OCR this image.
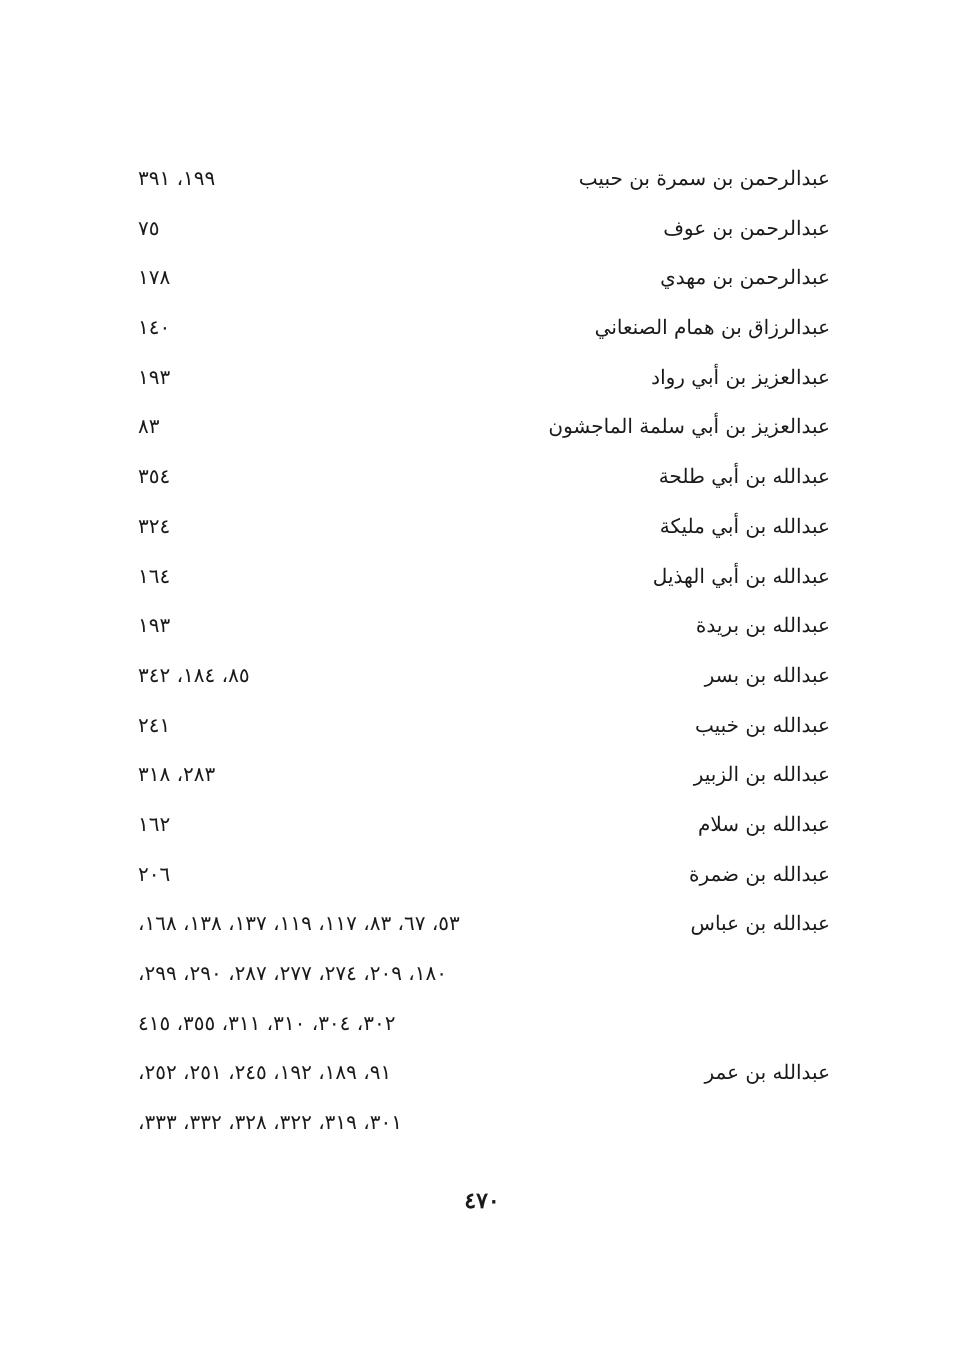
عبدالرحمن بن سمرة بن حبيب
١٩٩، ٣٩١
عبدالرحمن بن عوف
٧٥
عبدالرحمن بن مهدي
١٧٨
عبدالرزاق بن همام الصنعاني
١٤٠
عبدالعزيز بن أبي رواد
١٩٣
عبدالعزيز بن أبي سلمة الماجشون
٨٣
عبدالله بن أبي طلحة
٣٥٤
عبدالله بن أبي مليكة
٣٢٤
عبدالله بن أبي الهذيل
١٦٤
عبدالله بن بريدة
١٩٣
عبدالله بن بسر
٨٥، ١٨٤، ٣٤٢
عبدالله بن خبيب
٢٤١
عبدالله بن الزبير
٢٨٣، ٣١٨
عبدالله بن سلام
١٦٢
عبدالله بن ضمرة
٢٠٦
عبدالله بن عباس
٥٣، ٦٧، ٨٣، ١١٧، ١١٩، ١٣٧، ١٣٨، ١٦٨،
١٨٠، ٢٠٩، ٢٧٤، ٢٧٧، ٢٨٧، ٢٩٠، ٢٩٩،
٣٠٢، ٣٠٤، ٣١٠، ٣١١، ٣٥٥، ٤١٥
عبدالله بن عمر
٩١، ١٨٩، ١٩٢، ٢٤٥، ٢٥١، ٢٥٢،
٣٠١، ٣١٩، ٣٢٢، ٣٢٨، ٣٣٢، ٣٣٣،
٤٧٠
